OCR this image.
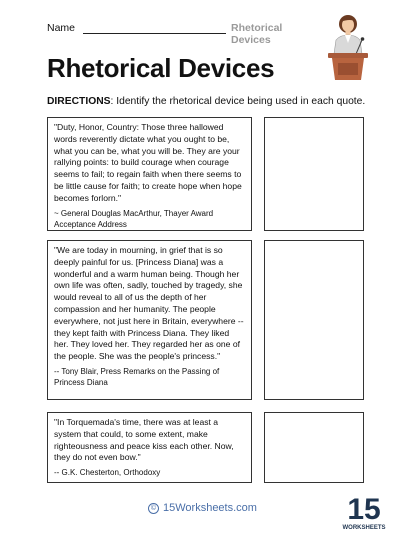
Name	Rhetorical Devices
Rhetorical Devices
DIRECTIONS: Identify the rhetorical device being used in each quote.
"Duty, Honor, Country: Those three hallowed words reverently dictate what you ought to be, what you can be, what you will be. They are your rallying points: to build courage when courage seems to fail; to regain faith when there seems to be little cause for faith; to create hope when hope becomes forlorn."
~ General Douglas MacArthur, Thayer Award Acceptance Address
"We are today in mourning, in grief that is so deeply painful for us. [Princess Diana] was a wonderful and a warm human being. Though her own life was often, sadly, touched by tragedy, she would reveal to all of us the depth of her compassion and her humanity. The people everywhere, not just here in Britain, everywhere -- they kept faith with Princess Diana. They liked her. They loved her. They regarded her as one of the people. She was the people's princess."
-- Tony Blair, Press Remarks on the Passing of Princess Diana
"In Torquemada's time, there was at least a system that could, to some extent, make righteousness and peace kiss each other. Now, they do not even bow."
-- G.K. Chesterton, Orthodoxy
© 15Worksheets.com	15
WORKSHEETS
